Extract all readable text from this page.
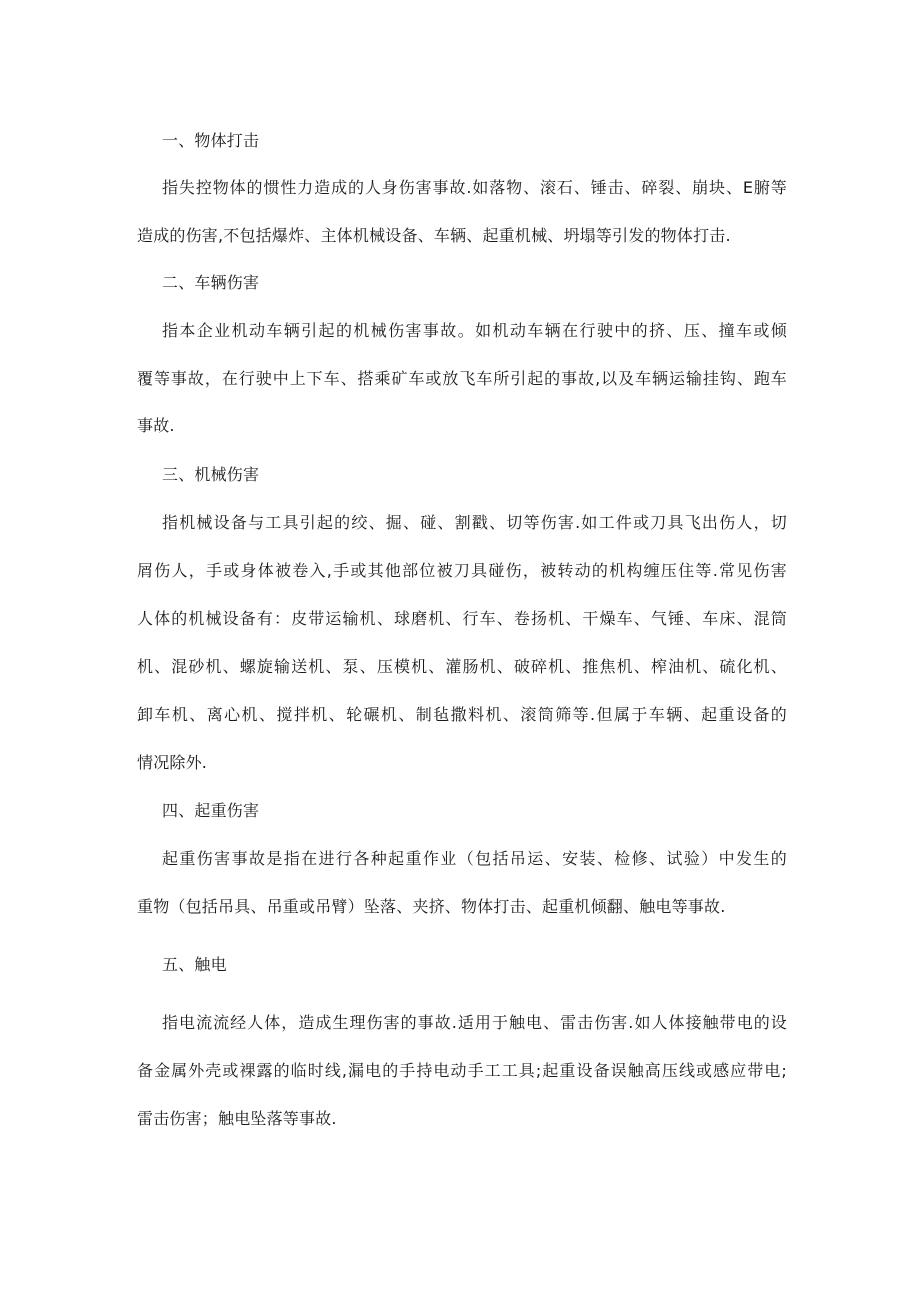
一、物体打击

指失控物体的惯性力造成的人身伤害事故.如落物、滚石、锤击、碎裂、崩块、E腑等

造成的伤害,不包括爆炸、主体机械设备、车辆、起重机械、坍塌等引发的物体打击.

二、车辆伤害

指本企业机动车辆引起的机械伤害事故。如机动车辆在行驶中的挤、压、撞车或倾

覆等事故，在行驶中上下车、搭乘矿车或放飞车所引起的事故,以及车辆运输挂钩、跑车

事故.

三、机械伤害

指机械设备与工具引起的绞、掘、碰、割戳、切等伤害.如工件或刀具飞出伤人，切

屑伤人，手或身体被卷入,手或其他部位被刀具碰伤，被转动的机构缠压住等.常见伤害

人体的机械设备有：皮带运输机、球磨机、行车、卷扬机、干燥车、气锤、车床、混筒

机、混砂机、螺旋输送机、泵、压模机、灌肠机、破碎机、推焦机、榨油机、硫化机、

卸车机、离心机、搅拌机、轮碾机、制毡撒料机、滚筒筛等.但属于车辆、起重设备的

情况除外.

四、起重伤害

起重伤害事故是指在进行各种起重作业（包括吊运、安装、检修、试验）中发生的

重物（包括吊具、吊重或吊臂）坠落、夹挤、物体打击、起重机倾翻、触电等事故.

五、触电

指电流流经人体，造成生理伤害的事故.适用于触电、雷击伤害.如人体接触带电的设

备金属外壳或裸露的临时线,漏电的手持电动手工工具;起重设备误触高压线或感应带电;

雷击伤害；触电坠落等事故.
